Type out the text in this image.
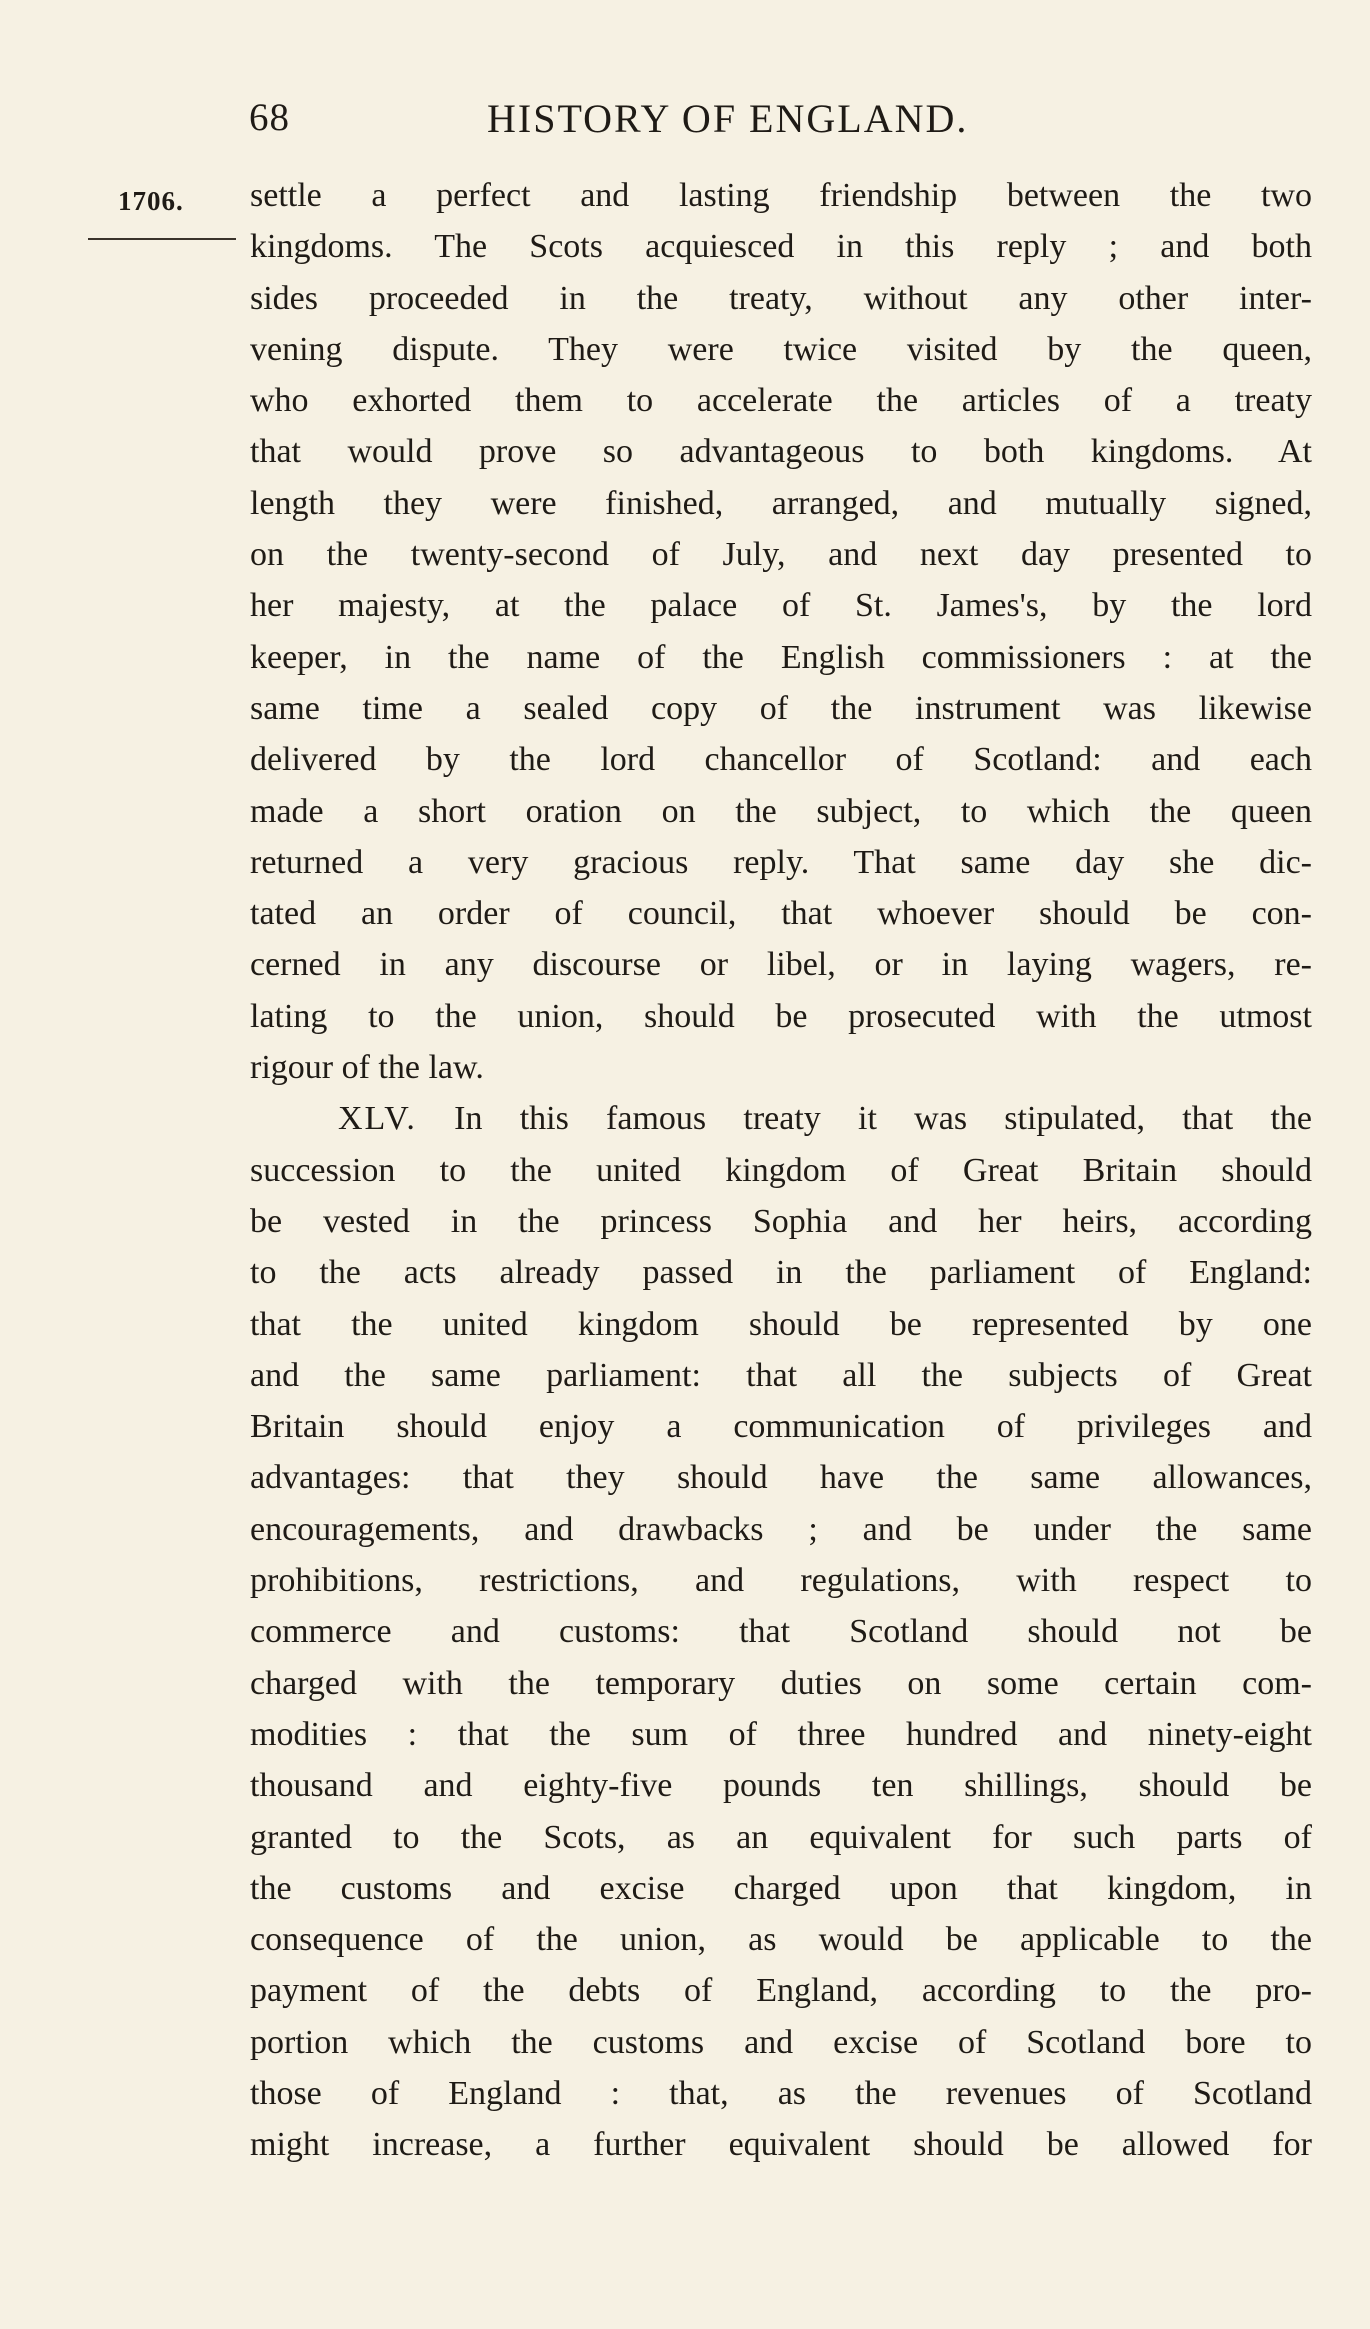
68	HISTORY OF ENGLAND.
1706. settle a perfect and lasting friendship between the two
kingdoms. The Scots acquiesced in this reply ; and both
sides proceeded in the treaty, without any other inter-
vening dispute. They were twice visited by the queen,
who exhorted them to accelerate the articles of a treaty
that would prove so advantageous to both kingdoms. At
length they were finished, arranged, and mutually signed,
on the twenty-second of July, and next day presented to
her majesty, at the palace of St. James's, by the lord
keeper, in the name of the English commissioners : at the
same time a sealed copy of the instrument was likewise
delivered by the lord chancellor of Scotland: and each
made a short oration on the subject, to which the queen
returned a very gracious reply. That same day she dic-
tated an order of council, that whoever should be con-
cerned in any discourse or libel, or in laying wagers, re-
lating to the union, should be prosecuted with the utmost
rigour of the law.
XLV. In this famous treaty it was stipulated, that the
succession to the united kingdom of Great Britain should
be vested in the princess Sophia and her heirs, according
to the acts already passed in the parliament of England:
that the united kingdom should be represented by one
and the same parliament: that all the subjects of Great
Britain should enjoy a communication of privileges and
advantages: that they should have the same allowances,
encouragements, and drawbacks ; and be under the same
prohibitions, restrictions, and regulations, with respect to
commerce and customs: that Scotland should not be
charged with the temporary duties on some certain com-
modities : that the sum of three hundred and ninety-eight
thousand and eighty-five pounds ten shillings, should be
granted to the Scots, as an equivalent for such parts of
the customs and excise charged upon that kingdom, in
consequence of the union, as would be applicable to the
payment of the debts of England, according to the pro-
portion which the customs and excise of Scotland bore to
those of England : that, as the revenues of Scotland
might increase, a further equivalent should be allowed for
